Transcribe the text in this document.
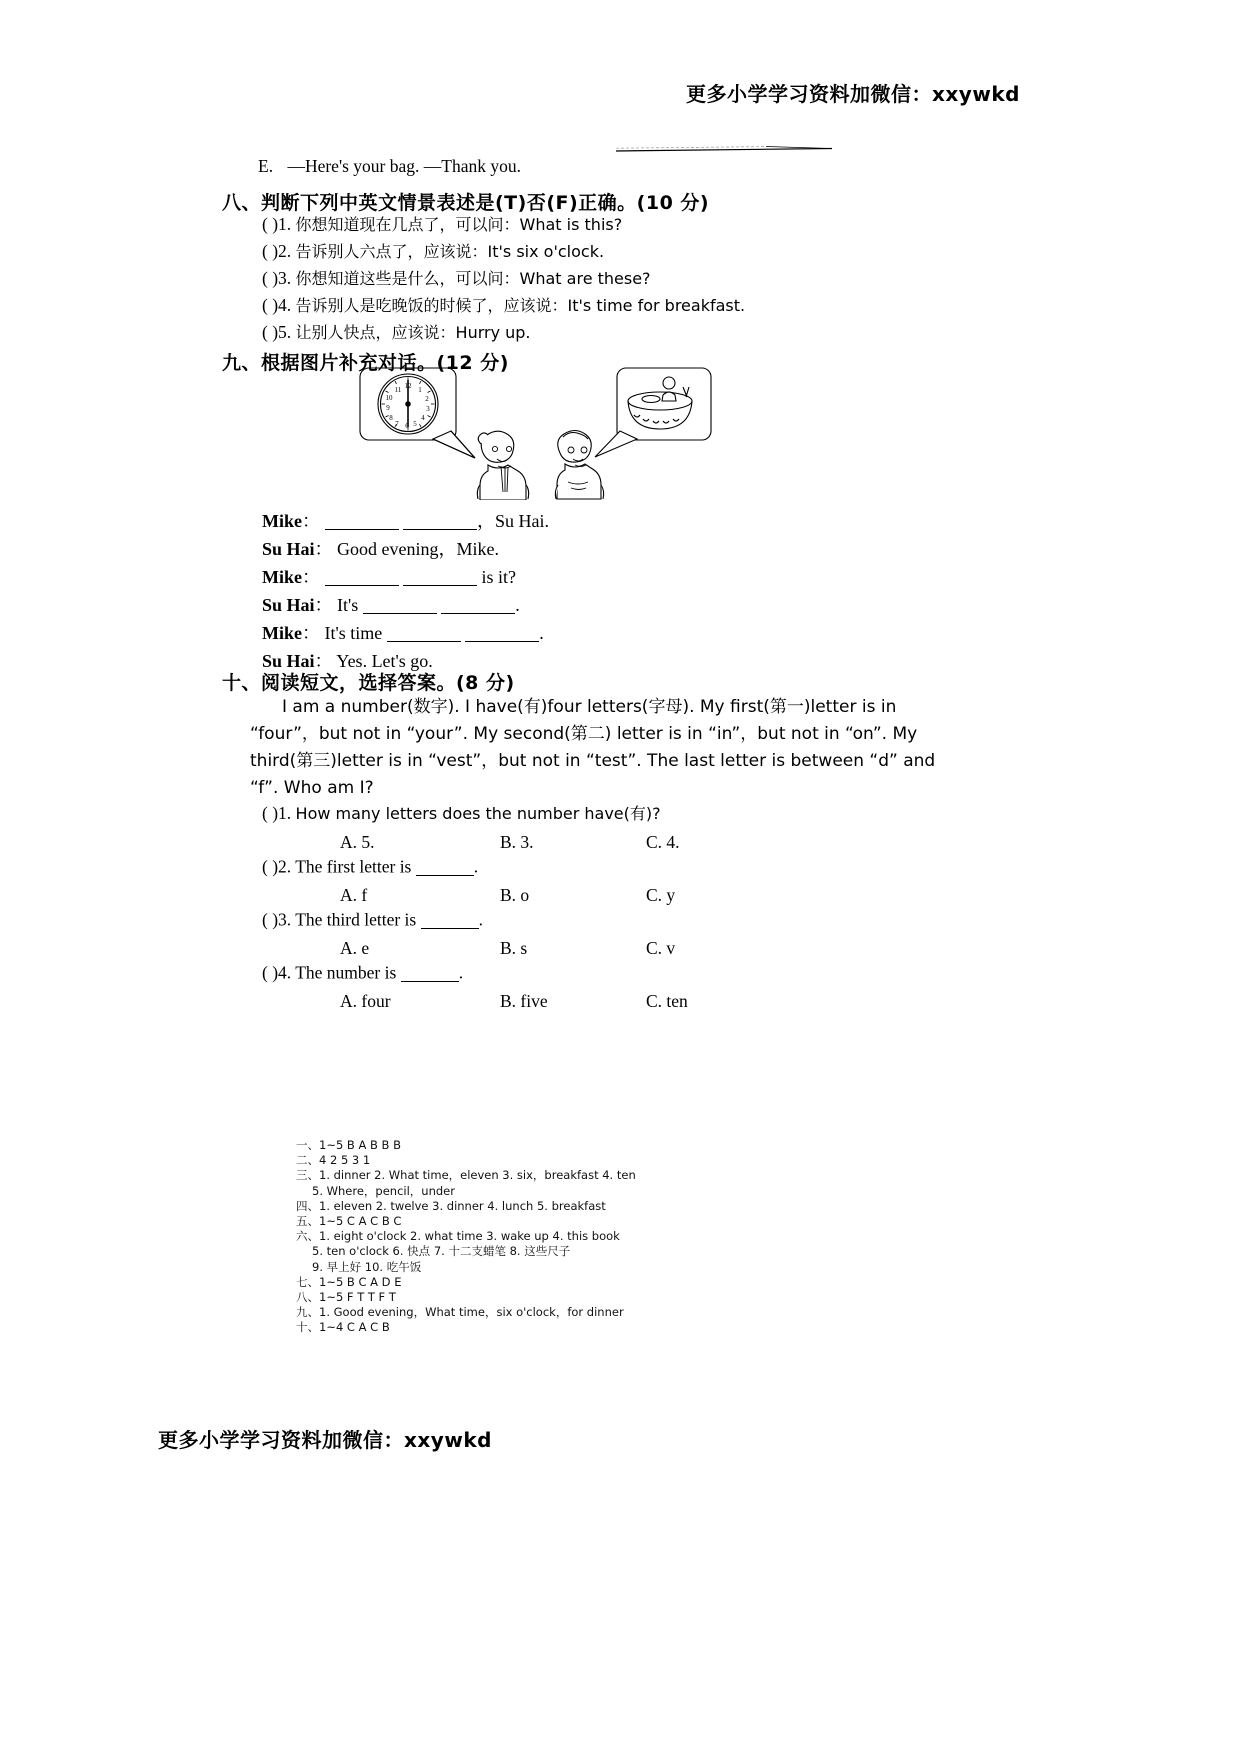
更多小学学习资料加微信：xxywkd
E. —Here's your bag. —Thank you.
八、判断下列中英文情景表述是(T)否(F)正确。(10 分)
( )1. 你想知道现在几点了，可以问：What is this?
( )2. 告诉别人六点了，应该说：It's six o'clock.
( )3. 你想知道这些是什么，可以问：What are these?
( )4. 告诉别人是吃晚饭的时候了，应该说：It's time for breakfast.
( )5. 让别人快点，应该说：Hurry up.
九、根据图片补充对话。(12 分)
12 1
2
3
4
5
6
7
8
9
10
11
Mike：	，Su Hai.
Su Hai： Good evening，Mike.
Mike：	is it?
Su Hai： It's	.
Mike： It's time	.
Su Hai： Yes. Let's go.
十、阅读短文，选择答案。(8 分)
I am a number(数字). I have(有)four letters(字母). My first(第一)letter is in
“four”，but not in “your”. My second(第二) letter is in “in”，but not in “on”. My
third(第三)letter is in “vest”，but not in “test”. The last letter is between “d” and
“f”. Who am I?
( )1. How many letters does the number have(有)?
A. 5.	B. 3.	C. 4.
( )2. The first letter is	.
A. f	B. o	C. y
( )3. The third letter is	.
A. e	B. s	C. v
( )4. The number is	.
A. four	B. five	C. ten
一、1~5 B A B B B
二、4 2 5 3 1
三、1. dinner 2. What time，eleven 3. six，breakfast 4. ten
5. Where，pencil，under
四、1. eleven 2. twelve 3. dinner 4. lunch 5. breakfast
五、1~5 C A C B C
六、1. eight o'clock 2. what time 3. wake up 4. this book
5. ten o'clock 6. 快点 7. 十二支蜡笔 8. 这些尺子
9. 早上好 10. 吃午饭
七、1~5 B C A D E
八、1~5 F T T F T
九、1. Good evening，What time，six o'clock，for dinner
十、1~4 C A C B
更多小学学习资料加微信：xxywkd
